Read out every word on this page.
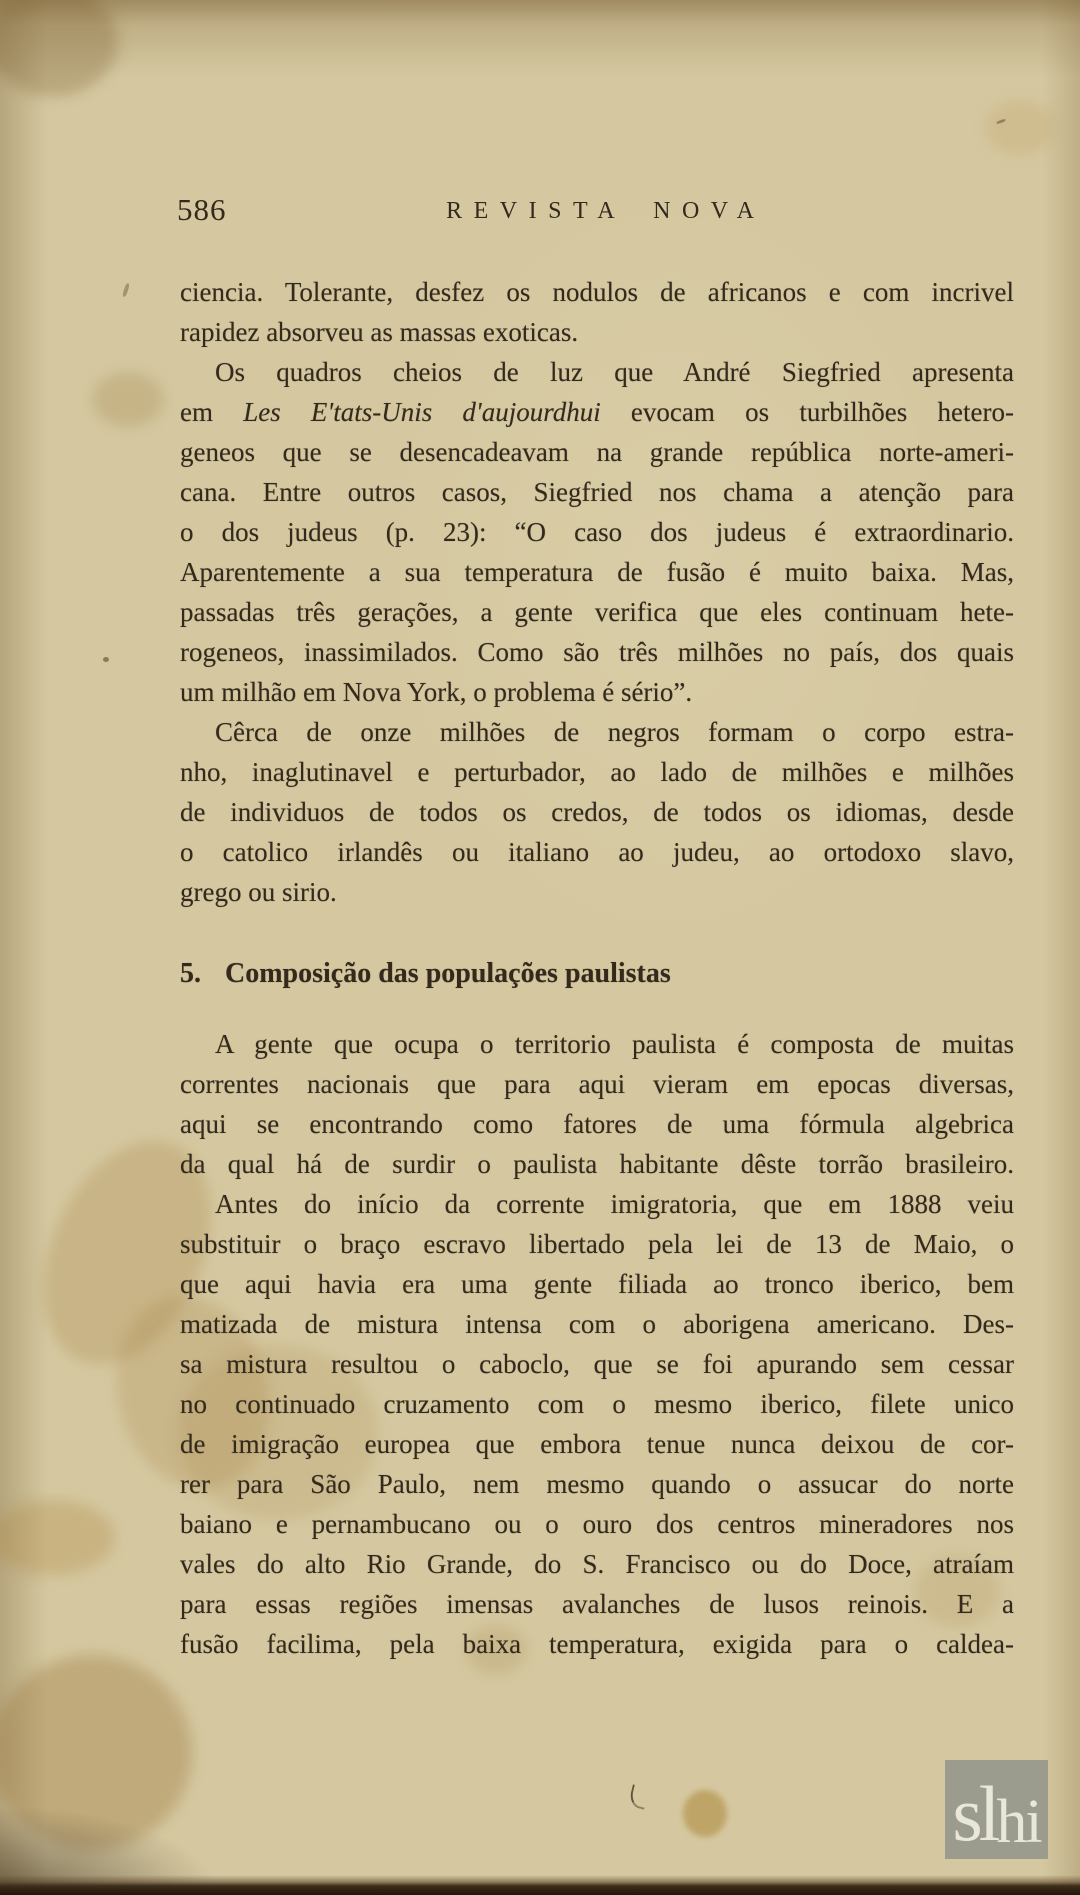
586	REVISTA NOVA
ciencia. Tolerante, desfez os nodulos de africanos e com incrivel
rapidez absorveu as massas exoticas.
Os quadros cheios de luz que André Siegfried apresenta
em Les E'tats-Unis d'aujourdhui evocam os turbilhões hetero-
geneos que se desencadeavam na grande república norte-ameri-
cana. Entre outros casos, Siegfried nos chama a atenção para
o dos judeus (p. 23): “O caso dos judeus é extraordinario.
Aparentemente a sua temperatura de fusão é muito baixa. Mas,
passadas três gerações, a gente verifica que eles continuam hete-
rogeneos, inassimilados. Como são três milhões no país, dos quais
um milhão em Nova York, o problema é sério”.
Cêrca de onze milhões de negros formam o corpo estra-
nho, inaglutinavel e perturbador, ao lado de milhões e milhões
de individuos de todos os credos, de todos os idiomas, desde
o catolico irlandês ou italiano ao judeu, ao ortodoxo slavo,
grego ou sirio.
5. Composição das populações paulistas
A gente que ocupa o territorio paulista é composta de muitas
correntes nacionais que para aqui vieram em epocas diversas,
aqui se encontrando como fatores de uma fórmula algebrica
da qual há de surdir o paulista habitante dêste torrão brasileiro.
Antes do início da corrente imigratoria, que em 1888 veiu
substituir o braço escravo libertado pela lei de 13 de Maio, o
que aqui havia era uma gente filiada ao tronco iberico, bem
matizada de mistura intensa com o aborigena americano. Des-
sa mistura resultou o caboclo, que se foi apurando sem cessar
no continuado cruzamento com o mesmo iberico, filete unico
de imigração europea que embora tenue nunca deixou de cor-
rer para São Paulo, nem mesmo quando o assucar do norte
baiano e pernambucano ou o ouro dos centros mineradores nos
vales do alto Rio Grande, do S. Francisco ou do Doce, atraíam
para essas regiões imensas avalanches de lusos reinois. E a
fusão facilima, pela baixa temperatura, exigida para o caldea-
sl hi
